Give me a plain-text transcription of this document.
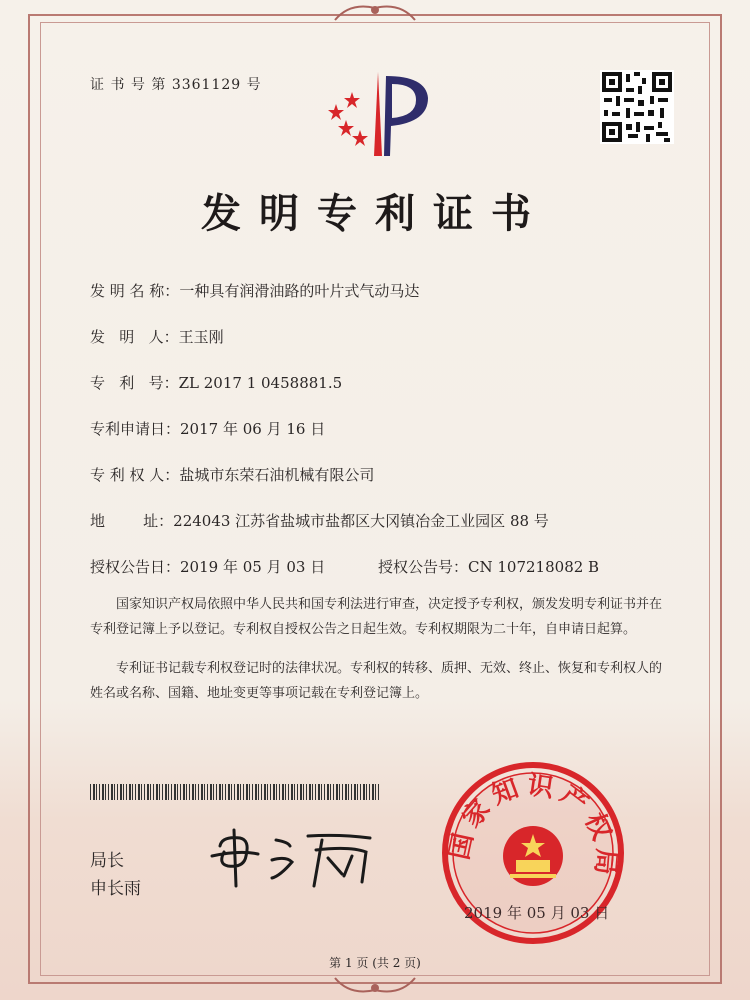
证 书 号 第 3361129 号
发明专利证书
发 明 名 称：一种具有润滑油路的叶片式气动马达
发   明   人：王玉刚
专   利   号：ZL 2017 1 0458881.5
专利申请日：2017 年 06 月 16 日
专 利 权 人：盐城市东荣石油机械有限公司
地        址：224043 江苏省盐城市盐都区大冈镇冶金工业园区 88 号
授权公告日：2019 年 05 月 03 日	授权公告号：CN 107218082 B
国家知识产权局依照中华人民共和国专利法进行审查，决定授予专利权，颁发发明专利证书并在专利登记簿上予以登记。专利权自授权公告之日起生效。专利权期限为二十年，自申请日起算。
专利证书记载专利权登记时的法律状况。专利权的转移、质押、无效、终止、恢复和专利权人的姓名或名称、国籍、地址变更等事项记载在专利登记簿上。
局长
申长雨
国家知识产权局
2019 年 05 月 03 日
第 1 页 (共 2 页)
